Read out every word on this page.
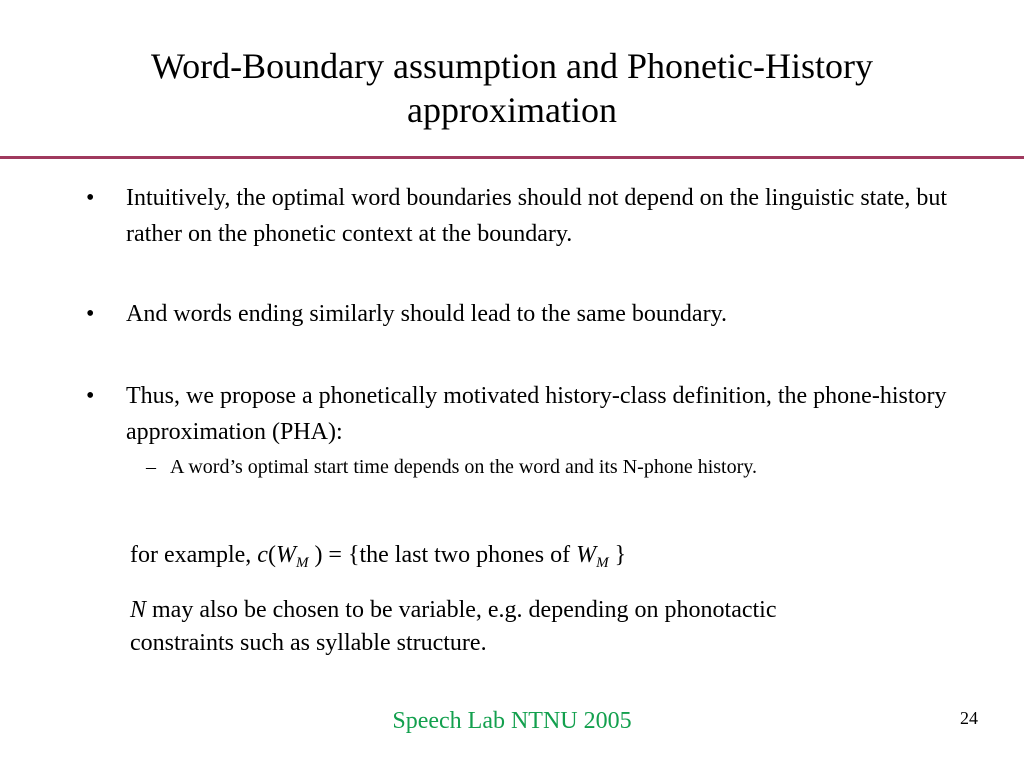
Word-Boundary assumption and Phonetic-History
approximation
• Intuitively, the optimal word boundaries should not depend on the linguistic state, but rather on the phonetic context at the boundary.
• And words ending similarly should lead to the same boundary.
• Thus, we propose a phonetically motivated history-class definition, the phone-history approximation (PHA):
– A word’s optimal start time depends on the word and its N-phone history.
for example, $c(W_M$ ) = {the last two phones of $W_M$ }
N may also be chosen to be variable, e.g. depending on phonotactic constraints such as syllable structure.
Speech Lab NTNU 2005	24
